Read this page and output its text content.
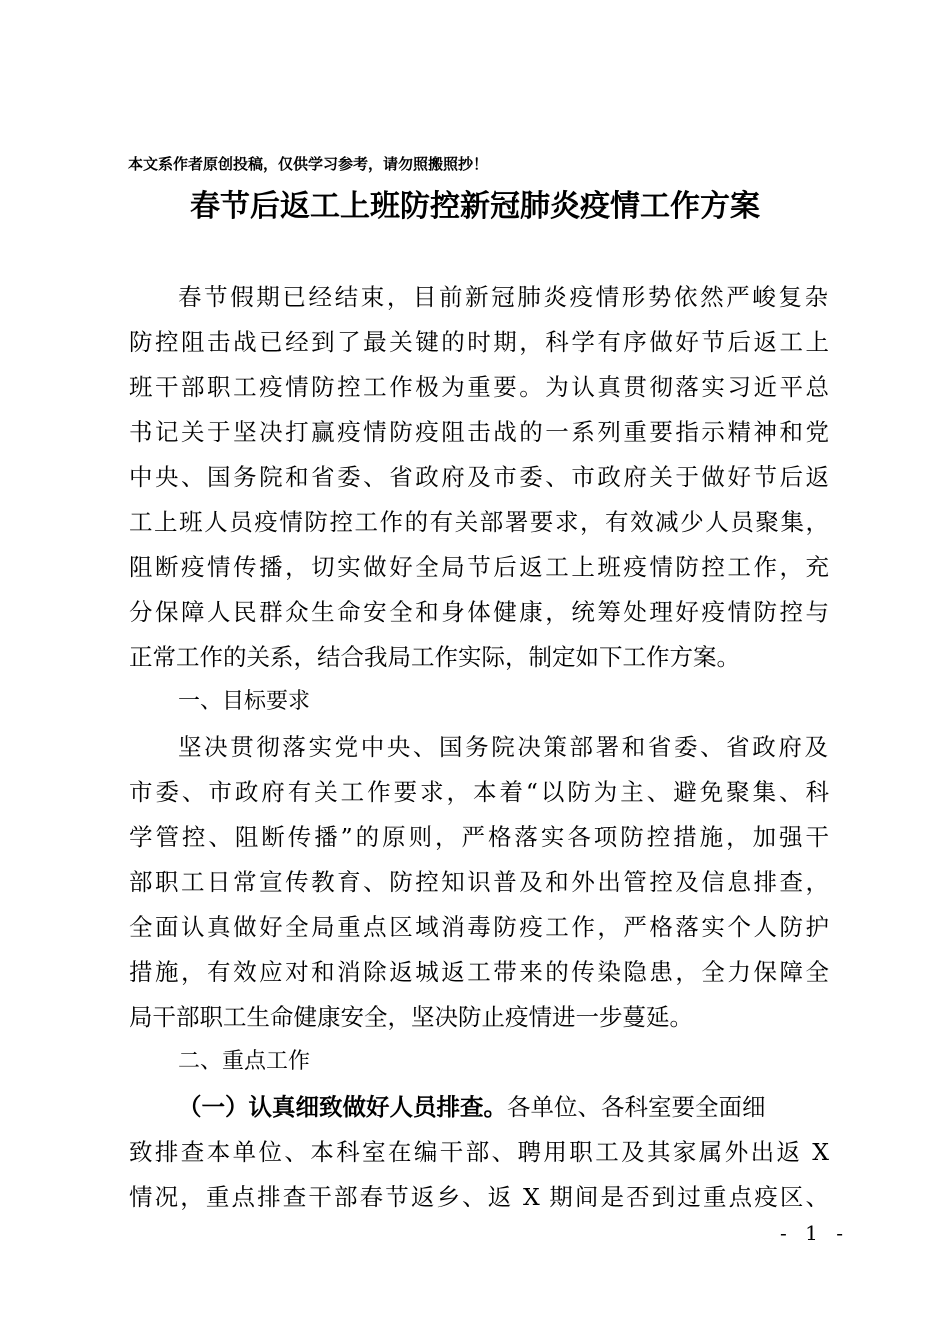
本文系作者原创投稿，仅供学习参考，请勿照搬照抄！
春节后返工上班防控新冠肺炎疫情工作方案
春节假期已经结束，目前新冠肺炎疫情形势依然严峻复杂
防控阻击战已经到了最关键的时期，科学有序做好节后返工上
班干部职工疫情防控工作极为重要。为认真贯彻落实习近平总
书记关于坚决打赢疫情防疫阻击战的一系列重要指示精神和党
中央、国务院和省委、省政府及市委、市政府关于做好节后返
工上班人员疫情防控工作的有关部署要求，有效减少人员聚集，
阻断疫情传播，切实做好全局节后返工上班疫情防控工作，充
分保障人民群众生命安全和身体健康，统筹处理好疫情防控与
正常工作的关系，结合我局工作实际，制定如下工作方案。
一、目标要求
坚决贯彻落实党中央、国务院决策部署和省委、省政府及
市委、市政府有关工作要求，本着“以防为主、避免聚集、科
学管控、阻断传播”的原则，严格落实各项防控措施，加强干
部职工日常宣传教育、防控知识普及和外出管控及信息排查，
全面认真做好全局重点区域消毒防疫工作，严格落实个人防护
措施，有效应对和消除返城返工带来的传染隐患，全力保障全
局干部职工生命健康安全，坚决防止疫情进一步蔓延。
二、重点工作
（一）认真细致做好人员排查。各单位、各科室要全面细
致排查本单位、本科室在编干部、聘用职工及其家属外出返 X
情况，重点排查干部春节返乡、返 X 期间是否到过重点疫区、
- 1 -
